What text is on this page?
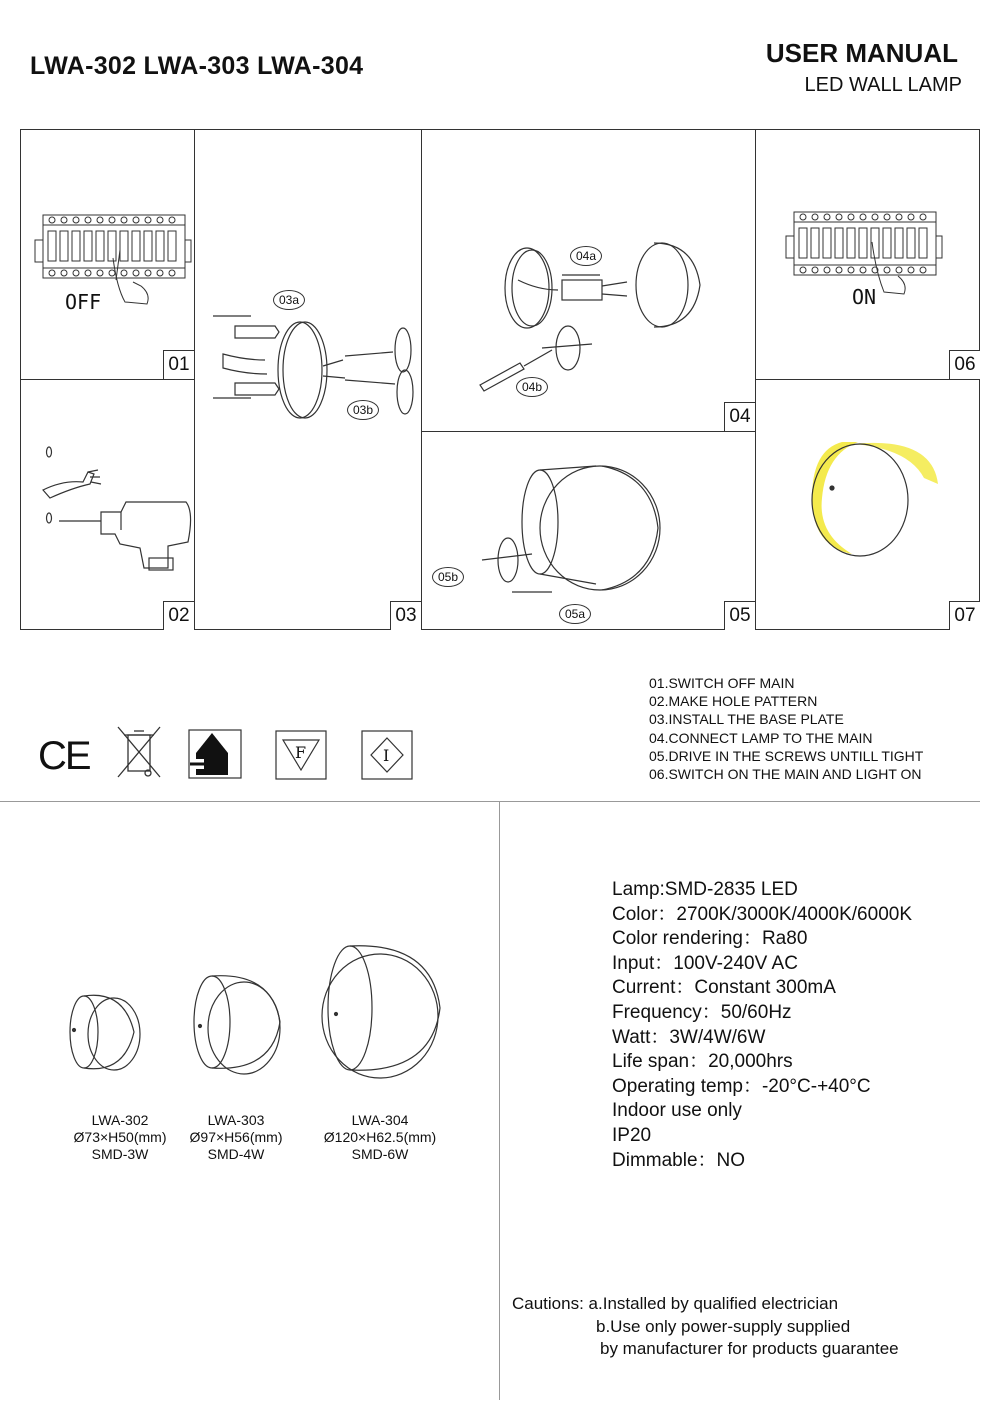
LWA-302 LWA-303 LWA-304	USER MANUAL
LED WALL LAMP
OFF
01
02
03a
03b
03
04a
04b
04
05b
05a	05
ON
06
07
01.SWITCH OFF MAIN
02.MAKE HOLE PATTERN
03.INSTALL THE BASE PLATE
04.CONNECT LAMP TO THE MAIN
05.DRIVE IN THE SCREWS UNTILL TIGHT
06.SWITCH ON THE MAIN AND LIGHT ON
CE	F	I
LWA-302
Ø73×H50(mm)
SMD-3W
LWA-303
Ø97×H56(mm)
SMD-4W
LWA-304
Ø120×H62.5(mm)
SMD-6W
Lamp:SMD-2835 LED
Color：2700K/3000K/4000K/6000K
Color rendering：Ra80
Input：100V-240V AC
Current：Constant 300mA
Frequency：50/60Hz
Watt：3W/4W/6W
Life span：20,000hrs
Operating temp：-20°C-+40°C
Indoor use only
IP20
Dimmable：NO
Cautions: a.Installed by qualified electrician
b.Use only power-supply supplied
by manufacturer for products guarantee
